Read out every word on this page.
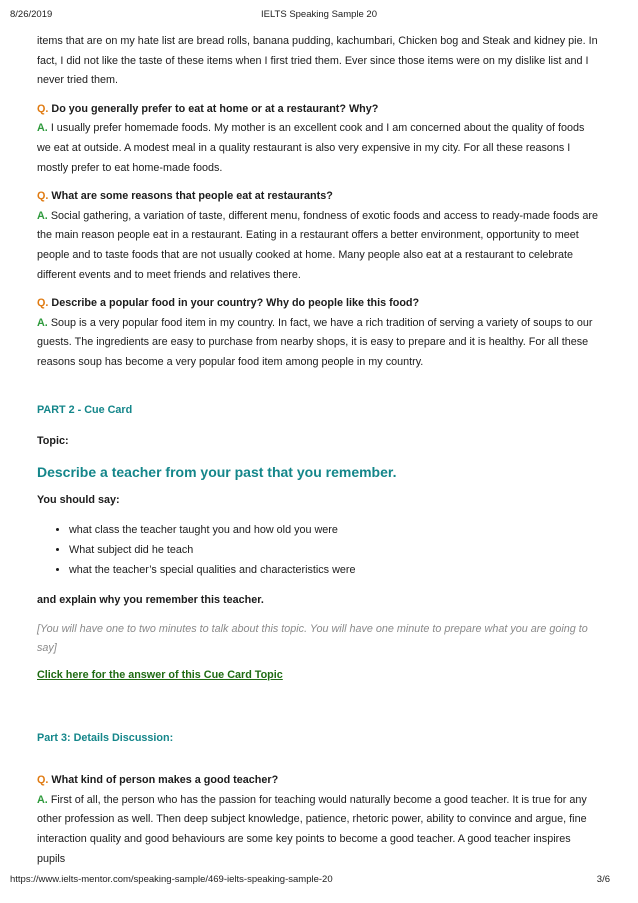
8/26/2019	IELTS Speaking Sample 20

items that are on my hate list are bread rolls, banana pudding, kachumbari, Chicken bog and Steak and kidney pie. In fact, I did not like the taste of these items when I first tried them. Ever since those items were on my dislike list and I never tried them.

Q. Do you generally prefer to eat at home or at a restaurant? Why?

A. I usually prefer homemade foods. My mother is an excellent cook and I am concerned about the quality of foods we eat at outside. A modest meal in a quality restaurant is also very expensive in my city. For all these reasons I mostly prefer to eat home-made foods.

Q. What are some reasons that people eat at restaurants?

A. Social gathering, a variation of taste, different menu, fondness of exotic foods and access to ready-made foods are the main reason people eat in a restaurant. Eating in a restaurant offers a better environment, opportunity to meet people and to taste foods that are not usually cooked at home. Many people also eat at a restaurant to celebrate different events and to meet friends and relatives there.

Q. Describe a popular food in your country? Why do people like this food?

A. Soup is a very popular food item in my country. In fact, we have a rich tradition of serving a variety of soups to our guests. The ingredients are easy to purchase from nearby shops, it is easy to prepare and it is healthy. For all these reasons soup has become a very popular food item among people in my country.

PART 2 - Cue Card

Topic:

Describe a teacher from your past that you remember.

You should say:

• what class the teacher taught you and how old you were
• What subject did he teach
• what the teacher’s special qualities and characteristics were

and explain why you remember this teacher.

[You will have one to two minutes to talk about this topic. You will have one minute to prepare what you are going to say]

Click here for the answer of this Cue Card Topic

Part 3: Details Discussion:

Q. What kind of person makes a good teacher?

A. First of all, the person who has the passion for teaching would naturally become a good teacher. It is true for any other profession as well. Then deep subject knowledge, patience, rhetoric power, ability to convince and argue, fine interaction quality and good behaviours are some key points to become a good teacher. A good teacher inspires pupils

https://www.ielts-mentor.com/speaking-sample/469-ielts-speaking-sample-20	3/6
